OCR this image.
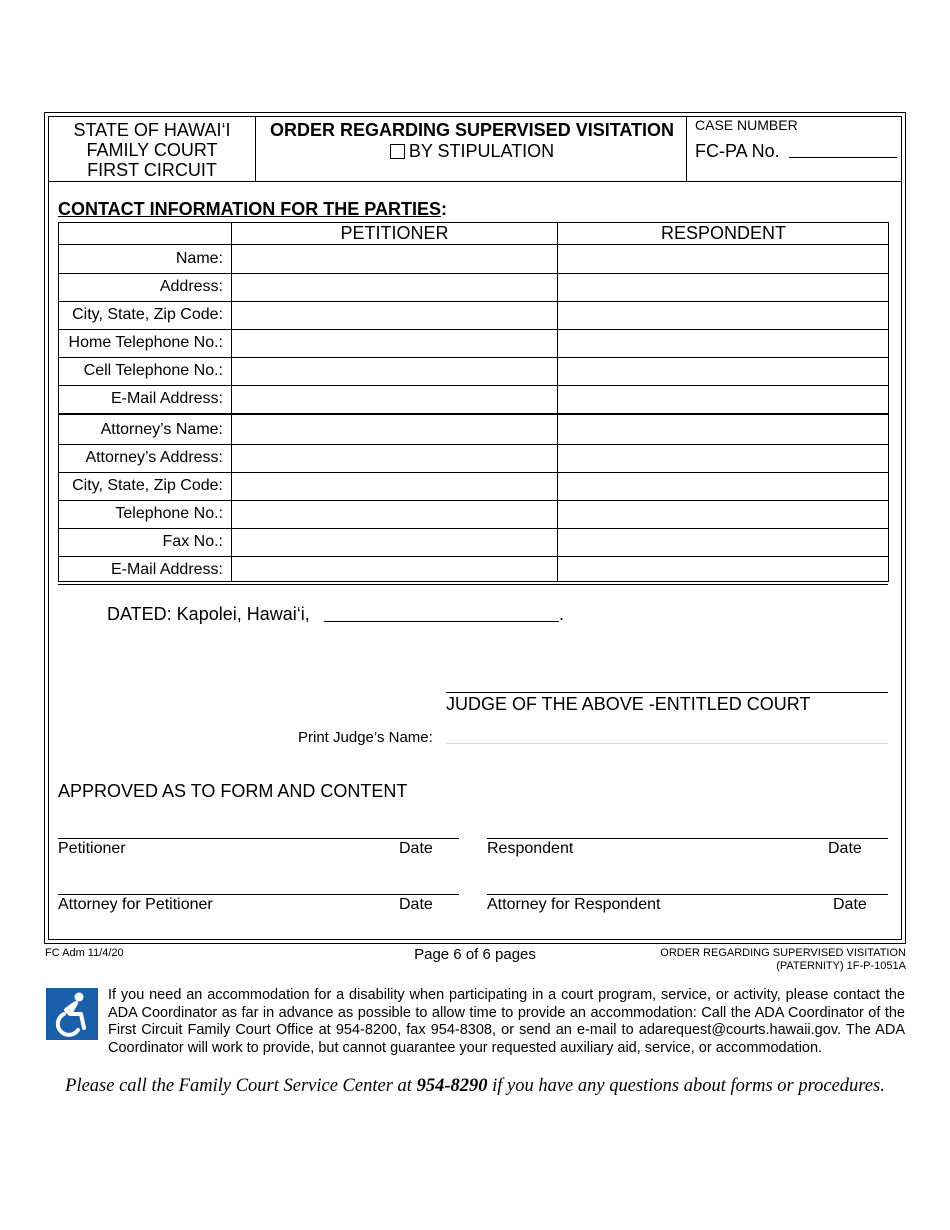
STATE OF HAWAI‘I
FAMILY COURT
FIRST CIRCUIT
ORDER REGARDING SUPERVISED VISITATION
BY STIPULATION
CASE NUMBER
FC-PA No.
CONTACT INFORMATION FOR THE PARTIES:
PETITIONER	RESPONDENT
Name:
Address:
City, State, Zip Code:
Home Telephone No.:
Cell Telephone No.:
E-Mail Address:
Attorney’s Name:
Attorney’s Address:
City, State, Zip Code:
Telephone No.:
Fax No.:
E-Mail Address:
DATED: Kapolei, Hawai‘i,	.
JUDGE OF THE ABOVE -ENTITLED COURT
Print Judge’s Name:
APPROVED AS TO FORM AND CONTENT
Petitioner	Date	Respondent	Date
Attorney for Petitioner	Date	Attorney for Respondent	Date
FC Adm 11/4/20	Page 6 of 6 pages	ORDER REGARDING SUPERVISED VISITATION
(PATERNITY) 1F-P-1051A
If you need an accommodation for a disability when participating in a court program, service, or activity, please contact the ADA Coordinator as far in advance as possible to allow time to provide an accommodation: Call the ADA Coordinator of the First Circuit Family Court Office at 954-8200, fax 954-8308, or send an e-mail to adarequest@courts.hawaii.gov. The ADA Coordinator will work to provide, but cannot guarantee your requested auxiliary aid, service, or accommodation.
Please call the Family Court Service Center at 954-8290 if you have any questions about forms or procedures.
